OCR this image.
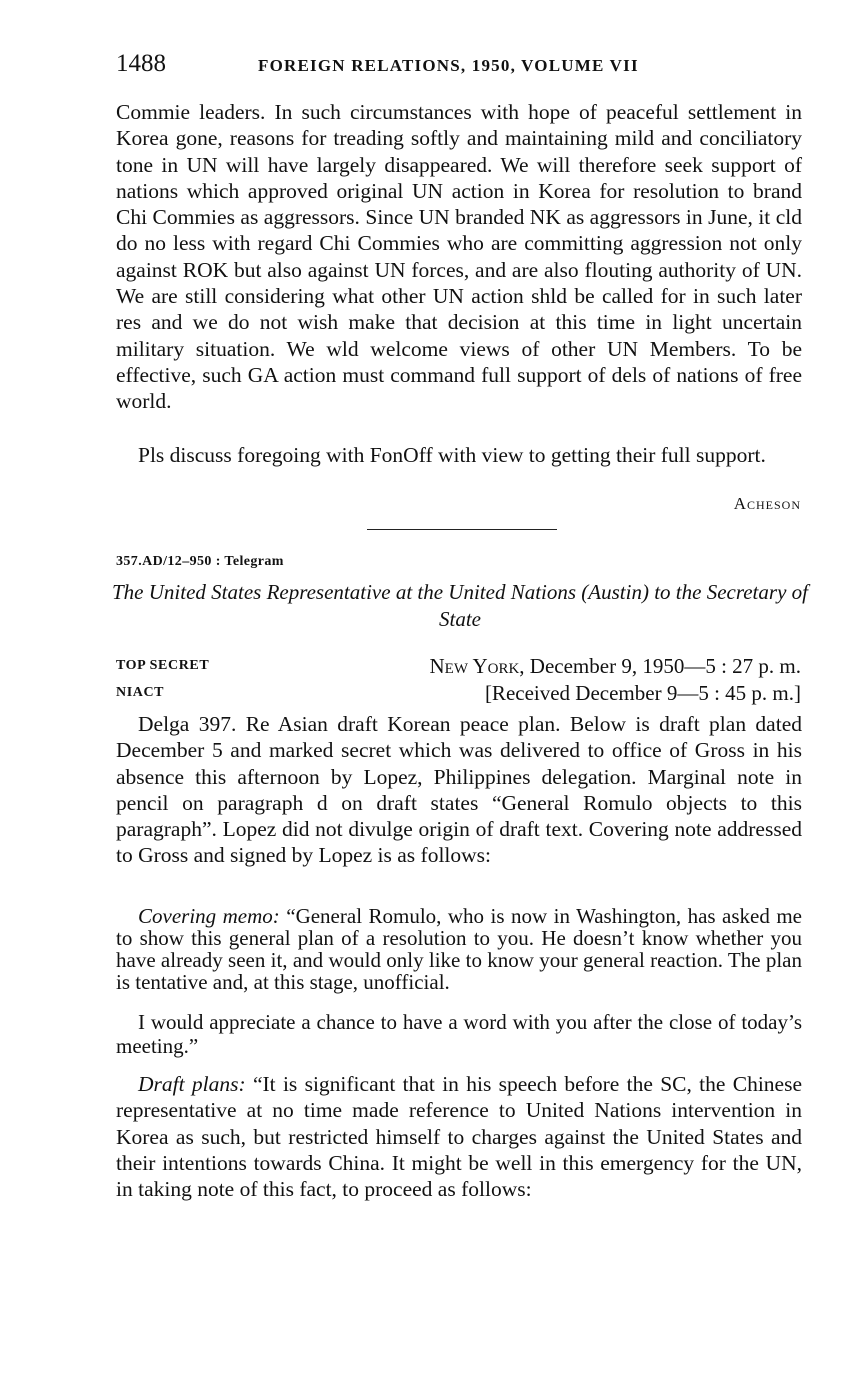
1488	FOREIGN RELATIONS, 1950, VOLUME VII

Commie leaders. In such circumstances with hope of peaceful settlement in Korea gone, reasons for treading softly and maintaining mild and conciliatory tone in UN will have largely disappeared. We will therefore seek support of nations which approved original UN action in Korea for resolution to brand Chi Commies as aggressors. Since UN branded NK as aggressors in June, it cld do no less with regard Chi Commies who are committing aggression not only against ROK but also against UN forces, and are also flouting authority of UN. We are still considering what other UN action shld be called for in such later res and we do not wish make that decision at this time in light uncertain military situation. We wld welcome views of other UN Members. To be effective, such GA action must command full support of dels of nations of free world.

Pls discuss foregoing with FonOff with view to getting their full support.

Acheson
357.AD/12–950 : Telegram
The United States Representative at the United Nations (Austin) to the Secretary of State
TOP SECRET	New York, December 9, 1950—5 : 27 p. m.
NIACT	[Received December 9—5 : 45 p. m.]

Delga 397. Re Asian draft Korean peace plan. Below is draft plan dated December 5 and marked secret which was delivered to office of Gross in his absence this afternoon by Lopez, Philippines delegation. Marginal note in pencil on paragraph d on draft states “General Romulo objects to this paragraph”. Lopez did not divulge origin of draft text. Covering note addressed to Gross and signed by Lopez is as follows:

Covering memo: “General Romulo, who is now in Washington, has asked me to show this general plan of a resolution to you. He doesn’t know whether you have already seen it, and would only like to know your general reaction. The plan is tentative and, at this stage, unofficial.

I would appreciate a chance to have a word with you after the close of today’s meeting.”

Draft plans: “It is significant that in his speech before the SC, the Chinese representative at no time made reference to United Nations intervention in Korea as such, but restricted himself to charges against the United States and their intentions towards China. It might be well in this emergency for the UN, in taking note of this fact, to proceed as follows:
